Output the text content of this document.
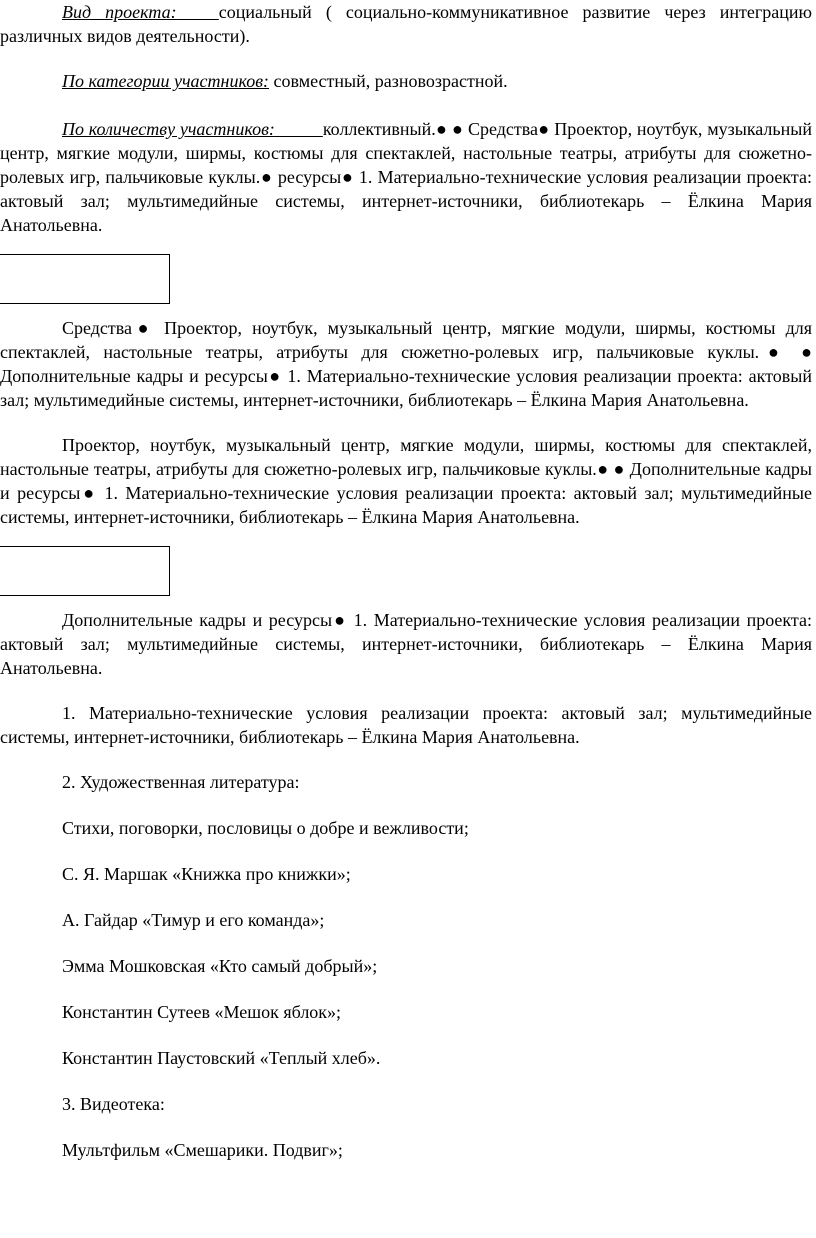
Вид проекта: социальный ( социально-коммуникативное развитие через интеграцию различных видов деятельности).

По категории участников: совместный, разновозрастной.

По количеству участников:	коллективный.● ● Средства● Проектор, ноутбук, музыкальный центр, мягкие модули, ширмы, костюмы для спектаклей, настольные театры, атрибуты для сюжетно-ролевых игр, пальчиковые куклы.● ресурсы● 1. Материально-технические условия реализации проекта: актовый зал; мультимедийные системы, интернет-источники, библиотекарь – Ёлкина Мария Анатольевна.

Средства● Проектор, ноутбук, музыкальный центр, мягкие модули, ширмы, костюмы для спектаклей, настольные театры, атрибуты для сюжетно-ролевых игр, пальчиковые куклы.● ● Дополнительные кадры и ресурсы● 1. Материально-технические условия реализации проекта: актовый зал; мультимедийные системы, интернет-источники, библиотекарь – Ёлкина Мария Анатольевна.

Проектор, ноутбук, музыкальный центр, мягкие модули, ширмы, костюмы для спектаклей, настольные театры, атрибуты для сюжетно-ролевых игр, пальчиковые куклы.● ● Дополнительные кадры и ресурсы● 1. Материально-технические условия реализации проекта: актовый зал; мультимедийные системы, интернет-источники, библиотекарь – Ёлкина Мария Анатольевна.

Дополнительные кадры и ресурсы● 1. Материально-технические условия реализации проекта: актовый зал; мультимедийные системы, интернет-источники, библиотекарь – Ёлкина Мария Анатольевна.

1. Материально-технические условия реализации проекта: актовый зал; мультимедийные системы, интернет-источники, библиотекарь – Ёлкина Мария Анатольевна.

2. Художественная литература:

Стихи, поговорки, пословицы о добре и вежливости;

С. Я. Маршак «Книжка про книжки»;

А. Гайдар «Тимур и его команда»;

Эмма Мошковская «Кто самый добрый»;

Константин Сутеев «Мешок яблок»;

Константин Паустовский «Теплый хлеб».

3. Видеотека:

Мультфильм «Смешарики. Подвиг»;
